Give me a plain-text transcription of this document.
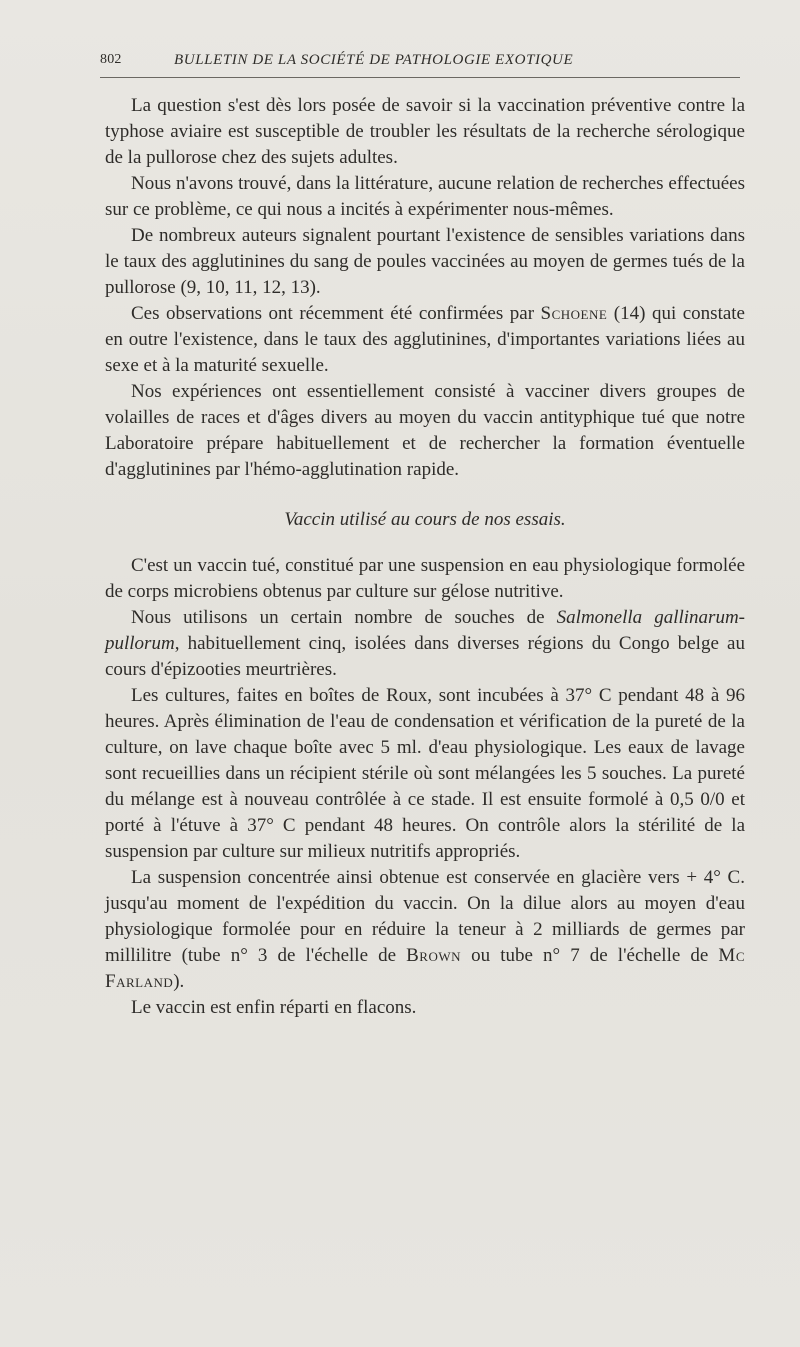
802	BULLETIN DE LA SOCIÉTÉ DE PATHOLOGIE EXOTIQUE

La question s'est dès lors posée de savoir si la vaccination préventive contre la typhose aviaire est susceptible de troubler les résultats de la recherche sérologique de la pullorose chez des sujets adultes.

Nous n'avons trouvé, dans la littérature, aucune relation de recherches effectuées sur ce problème, ce qui nous a incités à expérimenter nous-mêmes.

De nombreux auteurs signalent pourtant l'existence de sensibles variations dans le taux des agglutinines du sang de poules vaccinées au moyen de germes tués de la pullorose (9, 10, 11, 12, 13).

Ces observations ont récemment été confirmées par Schoene (14) qui constate en outre l'existence, dans le taux des agglutinines, d'importantes variations liées au sexe et à la maturité sexuelle.

Nos expériences ont essentiellement consisté à vacciner divers groupes de volailles de races et d'âges divers au moyen du vaccin antityphique tué que notre Laboratoire prépare habituellement et de rechercher la formation éventuelle d'agglutinines par l'hémo-agglutination rapide.

Vaccin utilisé au cours de nos essais.

C'est un vaccin tué, constitué par une suspension en eau physiologique formolée de corps microbiens obtenus par culture sur gélose nutritive.

Nous utilisons un certain nombre de souches de Salmonella gallinarum-pullorum, habituellement cinq, isolées dans diverses régions du Congo belge au cours d'épizooties meurtrières.

Les cultures, faites en boîtes de Roux, sont incubées à 37° C pendant 48 à 96 heures. Après élimination de l'eau de condensation et vérification de la pureté de la culture, on lave chaque boîte avec 5 ml. d'eau physiologique. Les eaux de lavage sont recueillies dans un récipient stérile où sont mélangées les 5 souches. La pureté du mélange est à nouveau contrôlée à ce stade. Il est ensuite formolé à 0,5 0/0 et porté à l'étuve à 37° C pendant 48 heures. On contrôle alors la stérilité de la suspension par culture sur milieux nutritifs appropriés.

La suspension concentrée ainsi obtenue est conservée en glacière vers + 4° C. jusqu'au moment de l'expédition du vaccin. On la dilue alors au moyen d'eau physiologique formolée pour en réduire la teneur à 2 milliards de germes par millilitre (tube n° 3 de l'échelle de Brown ou tube n° 7 de l'échelle de Mc Farland).

Le vaccin est enfin réparti en flacons.
